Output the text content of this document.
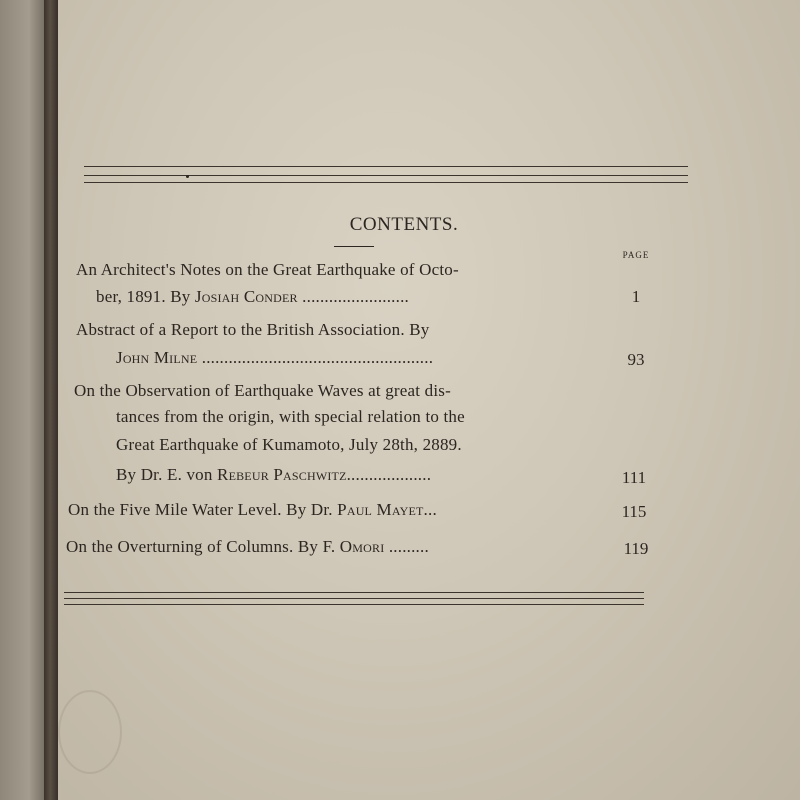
CONTENTS.
PAGE
An Architect's Notes on the Great Earthquake of Octo-
ber, 1891. By Josiah Conder ........................	1
Abstract of a Report to the British Association. By
John Milne ....................................................	93
On the Observation of Earthquake Waves at great dis-
tances from the origin, with special relation to the
Great Earthquake of Kumamoto, July 28th, 2889.
By Dr. E. von Rebeur Paschwitz...................	111
On the Five Mile Water Level. By Dr. Paul Mayet...	115
On the Overturning of Columns. By F. Omori .........	119
